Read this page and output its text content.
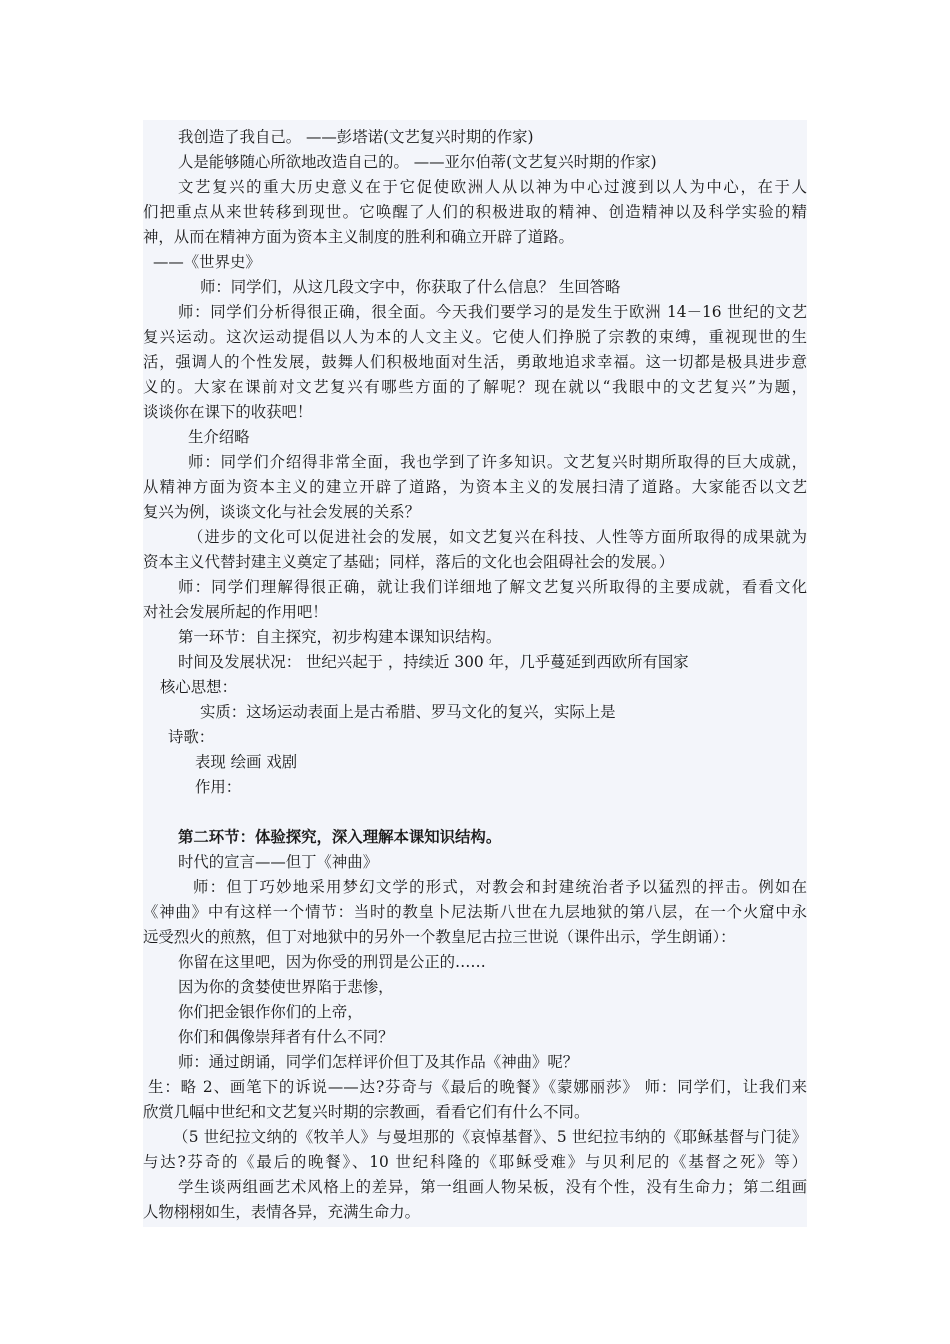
我创造了我自己。 ——彭塔诺(文艺复兴时期的作家)
人是能够随心所欲地改造自己的。 ——亚尔伯蒂(文艺复兴时期的作家)
文艺复兴的重大历史意义在于它促使欧洲人从以神为中心过渡到以人为中心，在于人
们把重点从来世转移到现世。它唤醒了人们的积极进取的精神、创造精神以及科学实验的精
神，从而在精神方面为资本主义制度的胜利和确立开辟了道路。
——《世界史》
师：同学们，从这几段文字中，你获取了什么信息？ 生回答略
师：同学们分析得很正确，很全面。今天我们要学习的是发生于欧洲 14－16 世纪的文艺
复兴运动。这次运动提倡以人为本的人文主义。它使人们挣脱了宗教的束缚，重视现世的生
活，强调人的个性发展，鼓舞人们积极地面对生活，勇敢地追求幸福。这一切都是极具进步意
义的。大家在课前对文艺复兴有哪些方面的了解呢？现在就以“我眼中的文艺复兴”为题，
谈谈你在课下的收获吧！
生介绍略
师：同学们介绍得非常全面，我也学到了许多知识。文艺复兴时期所取得的巨大成就，
从精神方面为资本主义的建立开辟了道路，为资本主义的发展扫清了道路。大家能否以文艺
复兴为例，谈谈文化与社会发展的关系？
（进步的文化可以促进社会的发展，如文艺复兴在科技、人性等方面所取得的成果就为
资本主义代替封建主义奠定了基础；同样，落后的文化也会阻碍社会的发展。）
师：同学们理解得很正确，就让我们详细地了解文艺复兴所取得的主要成就，看看文化
对社会发展所起的作用吧！
第一环节：自主探究，初步构建本课知识结构。
时间及发展状况： 世纪兴起于 ，持续近 300 年，几乎蔓延到西欧所有国家
核心思想：
实质：这场运动表面上是古希腊、罗马文化的复兴，实际上是
诗歌：
表现 绘画 戏剧
作用：
第二环节：体验探究，深入理解本课知识结构。
时代的宣言——但丁《神曲》
师：但丁巧妙地采用梦幻文学的形式，对教会和封建统治者予以猛烈的抨击。例如在
《神曲》中有这样一个情节：当时的教皇卜尼法斯八世在九层地狱的第八层，在一个火窟中永
远受烈火的煎熬，但丁对地狱中的另外一个教皇尼古拉三世说（课件出示，学生朗诵）：
你留在这里吧，因为你受的刑罚是公正的……
因为你的贪婪使世界陷于悲惨，
你们把金银作你们的上帝，
你们和偶像崇拜者有什么不同？
师：通过朗诵，同学们怎样评价但丁及其作品《神曲》呢？
生：略 2、画笔下的诉说——达?芬奇与《最后的晚餐》《蒙娜丽莎》 师：同学们，让我们来
欣赏几幅中世纪和文艺复兴时期的宗教画，看看它们有什么不同。
（5 世纪拉文纳的《牧羊人》与曼坦那的《哀悼基督》、5 世纪拉韦纳的《耶稣基督与门徒》
与达?芬奇的《最后的晚餐》、10 世纪科隆的《耶稣受难》与贝利尼的《基督之死》等）
学生谈两组画艺术风格上的差异，第一组画人物呆板，没有个性，没有生命力；第二组画
人物栩栩如生，表情各异，充满生命力。
